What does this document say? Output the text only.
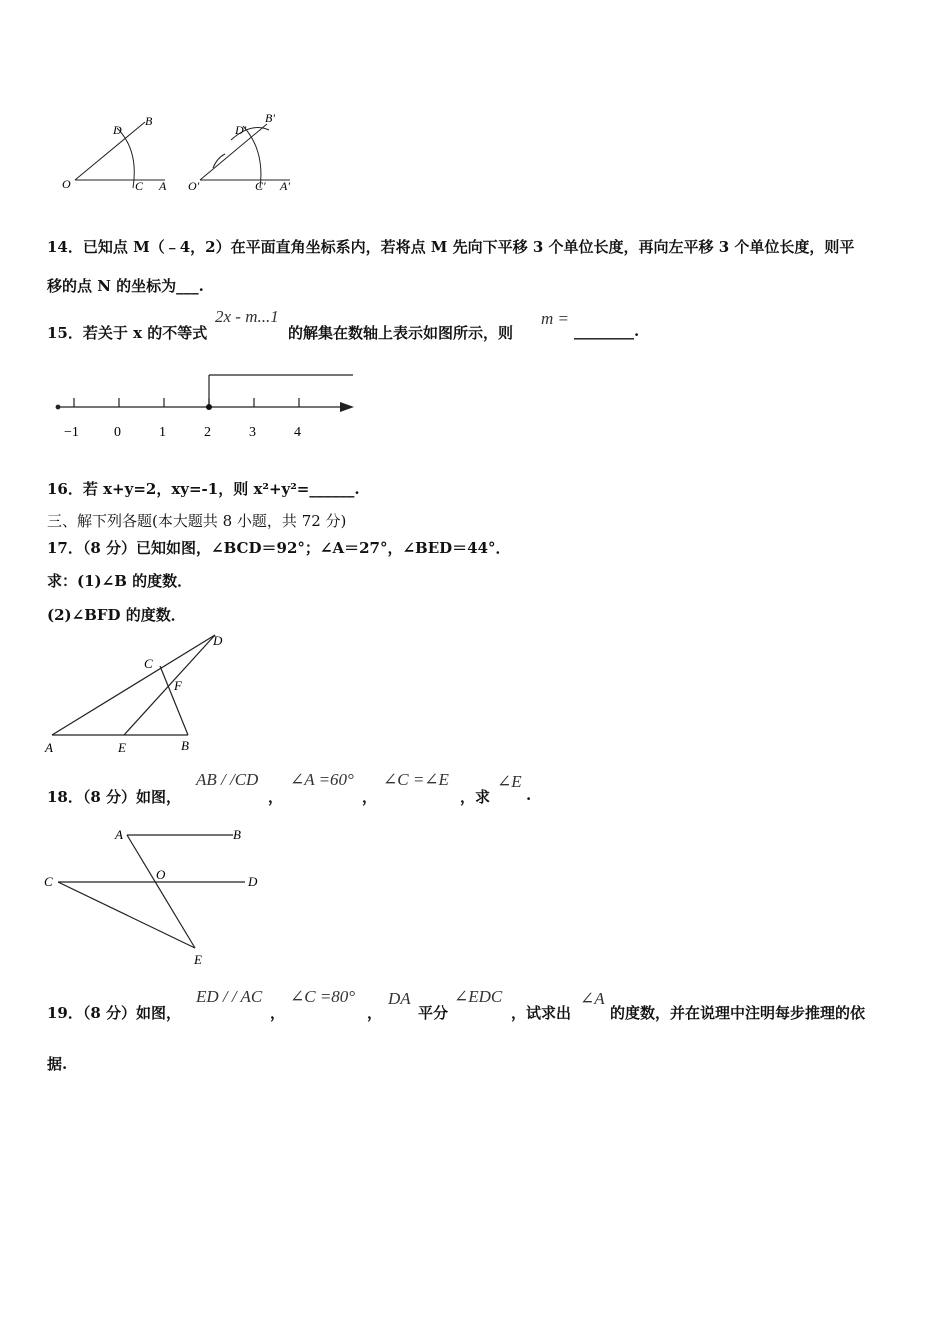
O	C A
D
B
O'	C' A'
D'
B'
14．已知点 M（﹣4，2）在平面直角坐标系内，若将点 M 先向下平移 3 个单位长度，再向左平移 3 个单位长度，则平
移的点 N 的坐标为___.
15．若关于 x 的不等式
2x - m...1
的解集在数轴上表示如图所示，则
m =
________.
−1	0	1	2	3	4
16．若 x+y=2，xy=-1，则 x²+y²=______.
三、解下列各题(本大题共 8 小题，共 72 分)
17．（8 分）已知如图，∠BCD＝92°；∠A＝27°，∠BED＝44°．
求：(1)∠B 的度数．
(2)∠BFD 的度数．
D
C
F
A	E	B
18．（8 分）如图，
AB / /CD
，
∠A =60°
，
∠C =∠E
，求
∠E
.
A	B
C	O	D
E
19．（8 分）如图，
ED / / AC
，
∠C =80°
，
DA
平分
∠EDC
，试求出
∠A
的度数，并在说理中注明每步推理的依
据.
